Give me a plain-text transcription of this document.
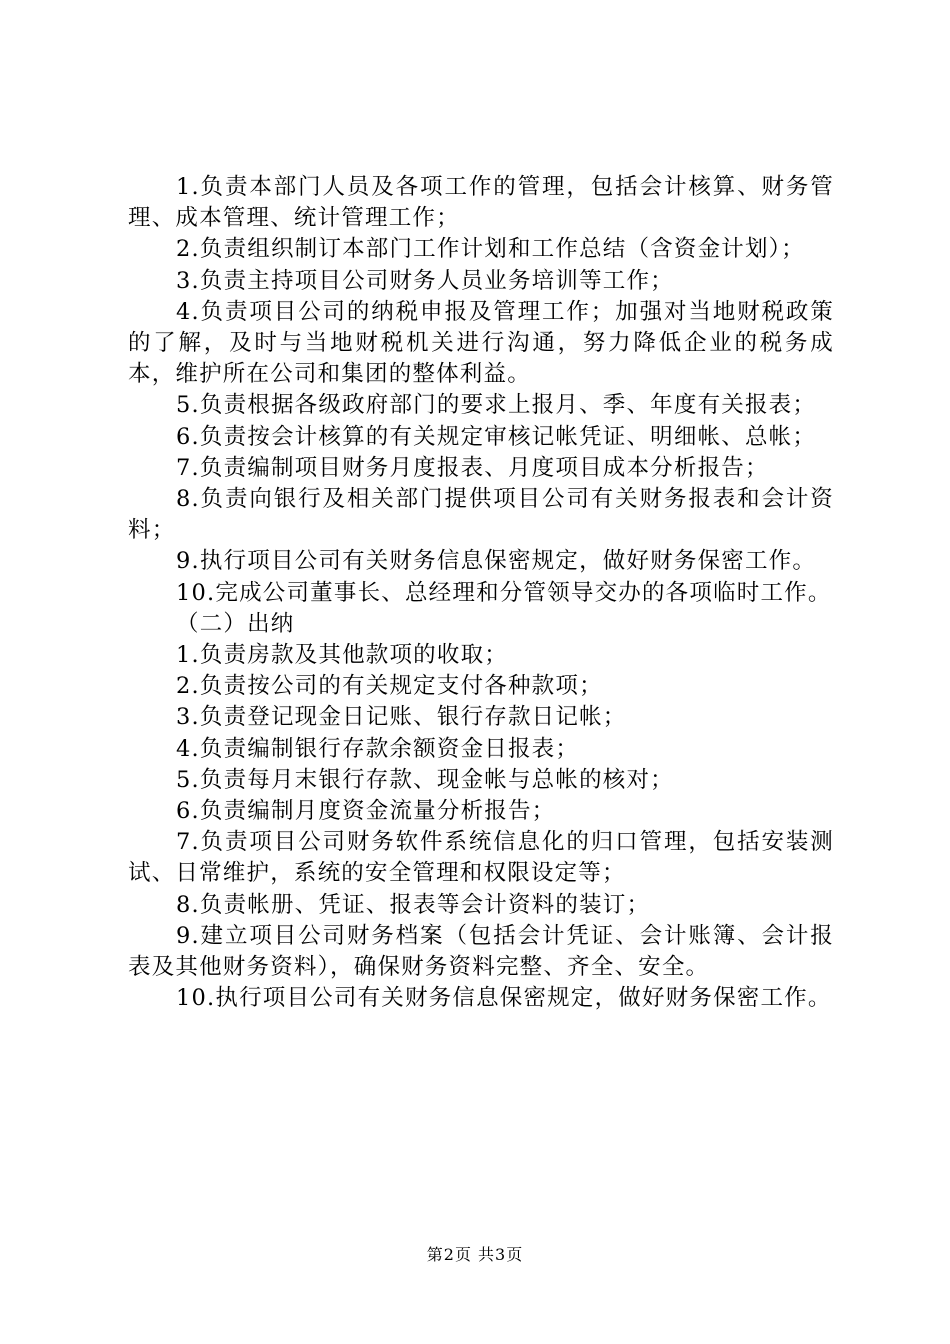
1.负责本部门人员及各项工作的管理，包括会计核算、财务管理、成本管理、统计管理工作；

2.负责组织制订本部门工作计划和工作总结（含资金计划）；

3.负责主持项目公司财务人员业务培训等工作；

4.负责项目公司的纳税申报及管理工作；加强对当地财税政策的了解，及时与当地财税机关进行沟通，努力降低企业的税务成本，维护所在公司和集团的整体利益。

5.负责根据各级政府部门的要求上报月、季、年度有关报表；

6.负责按会计核算的有关规定审核记帐凭证、明细帐、总帐；

7.负责编制项目财务月度报表、月度项目成本分析报告；

8.负责向银行及相关部门提供项目公司有关财务报表和会计资料；

9.执行项目公司有关财务信息保密规定，做好财务保密工作。

10.完成公司董事长、总经理和分管领导交办的各项临时工作。

（二）出纳

1.负责房款及其他款项的收取；

2.负责按公司的有关规定支付各种款项；

3.负责登记现金日记账、银行存款日记帐；

4.负责编制银行存款余额资金日报表；

5.负责每月末银行存款、现金帐与总帐的核对；

6.负责编制月度资金流量分析报告；

7.负责项目公司财务软件系统信息化的归口管理，包括安装测试、日常维护，系统的安全管理和权限设定等；

8.负责帐册、凭证、报表等会计资料的装订；

9.建立项目公司财务档案（包括会计凭证、会计账簿、会计报表及其他财务资料），确保财务资料完整、齐全、安全。

10.执行项目公司有关财务信息保密规定，做好财务保密工作。

第2页 共3页
